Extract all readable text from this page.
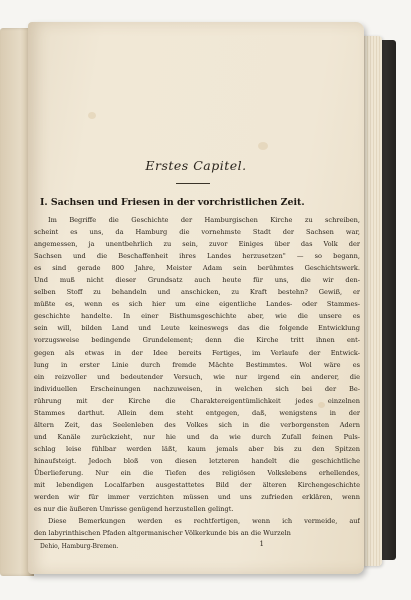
Erstes Capitel.
I. Sachsen und Friesen in der vorchristlichen Zeit.
Im Begriffe die Geschichte der Hamburgischen Kirche zu schreiben,
scheint es uns, da Hamburg die vornehmste Stadt der Sachsen war,
angemessen, ja unentbehrlich zu sein, zuvor Einiges über das Volk der
Sachsen und die Beschaffenheit ihres Landes herzusetzen" — so begann,
es sind gerade 800 Jahre, Meister Adam sein berühmtes Geschichtswerk.
Und muß nicht dieser Grundsatz auch heute für uns, die wir den-
selben Stoff zu behandeln und anschicken, zu Kraft bestehn? Gewiß, er
müßte es, wenn es sich hier um eine eigentliche Landes- oder Stammes-
geschichte handelte. In einer Bisthumsgeschichte aber, wie die unsere es
sein will, bilden Land und Leute keineswegs das die folgende Entwicklung
vorzugsweise bedingende Grundelement; denn die Kirche tritt ihnen ent-
gegen als etwas in der Idee bereits Fertiges, im Verlaufe der Entwick-
lung in erster Linie durch fremde Mächte Bestimmtes. Wol wäre es
ein reizvoller und bedeutender Versuch, wie nur irgend ein anderer, die
individuellen Erscheinungen nachzuweisen, in welchen sich bei der Be-
rührung mit der Kirche die Charaktereigentümlichkeit jedes einzelnen
Stammes darthut. Allein dem steht entgegen, daß, wenigstens in der
ältern Zeit, das Seelenleben des Volkes sich in die verborgensten Adern
und Kanäle zurückzieht, nur hie und da wie durch Zufall feinen Puls-
schlag leise fühlbar werden läßt, kaum jemals aber bis zu den Spitzen
hinaufsteigt. Jedoch bloß von diesen letzteren handelt die geschichtliche
Überlieferung. Nur ein die Tiefen des religiösen Volkslebens erhellendes,
mit lebendigen Localfarben ausgestattetes Bild der älteren Kirchengeschichte
werden wir für immer verzichten müssen und uns zufrieden erklären, wenn
es nur die äußeren Umrisse genügend herzustellen gelingt.
Diese Bemerkungen werden es rechtfertigen, wenn ich vermeide, auf
den labyrinthischen Pfaden altgermanischer Völkerkunde bis an die Wurzeln
Dehio, Hamburg-Bremen.	1
